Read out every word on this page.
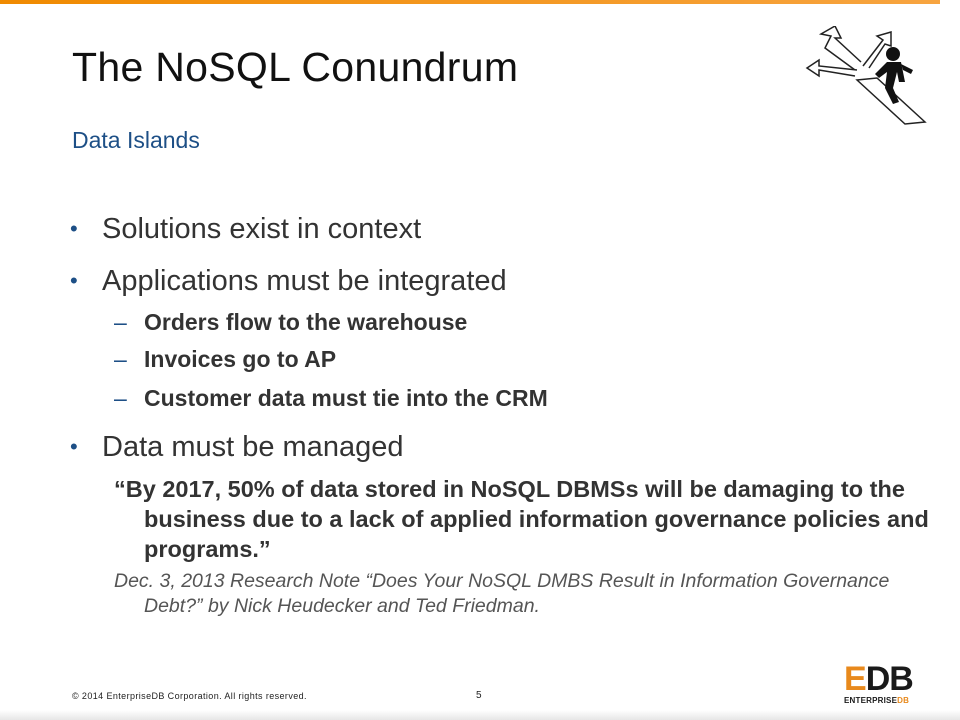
The NoSQL Conundrum
Data Islands
• Solutions exist in context
• Applications must be integrated
– Orders flow to the warehouse
– Invoices go to AP
– Customer data must tie into the CRM
• Data must be managed
“By 2017, 50% of data stored in NoSQL DBMSs will be damaging to the business due to a lack of applied information governance policies and programs.”
Dec. 3, 2013 Research Note “Does Your NoSQL DMBS Result in Information Governance Debt?” by Nick Heudecker and Ted Friedman.
© 2014 EnterpriseDB Corporation. All rights reserved.	5	EDB
ENTERPRISEDB
